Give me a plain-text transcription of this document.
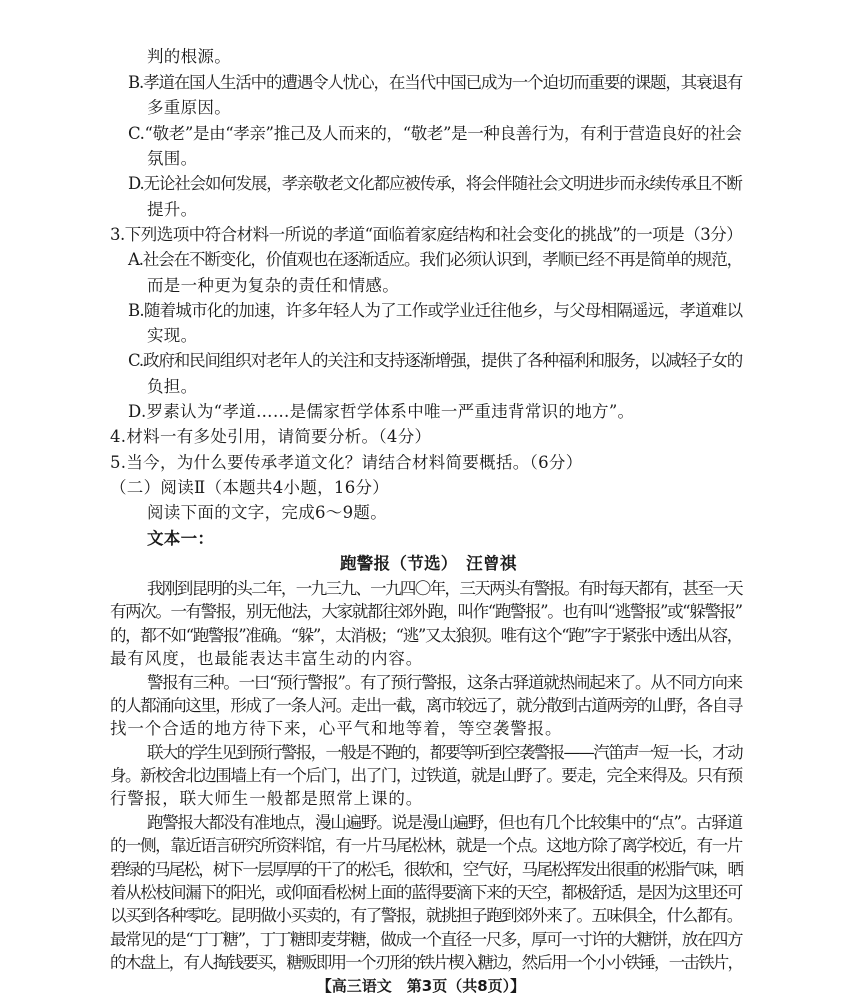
判的根源。
B.孝道在国人生活中的遭遇令人忧心，在当代中国已成为一个迫切而重要的课题，其衰退有
多重原因。
C.“敬老”是由“孝亲”推己及人而来的，“敬老”是一种良善行为，有利于营造良好的社会
氛围。
D.无论社会如何发展，孝亲敬老文化都应被传承，将会伴随社会文明进步而永续传承且不断
提升。
3.下列选项中符合材料一所说的孝道“面临着家庭结构和社会变化的挑战”的一项是（3分）
A.社会在不断变化，价值观也在逐渐适应。我们必须认识到，孝顺已经不再是简单的规范，
而是一种更为复杂的责任和情感。
B.随着城市化的加速，许多年轻人为了工作或学业迁往他乡，与父母相隔遥远，孝道难以
实现。
C.政府和民间组织对老年人的关注和支持逐渐增强，提供了各种福利和服务，以减轻子女的
负担。
D.罗素认为“孝道……是儒家哲学体系中唯一严重违背常识的地方”。
4.材料一有多处引用，请简要分析。（4分）
5.当今，为什么要传承孝道文化？请结合材料简要概括。（6分）
（二）阅读Ⅱ（本题共4小题，16分）
阅读下面的文字，完成6～9题。
文本一：
跑警报（节选）　汪曾祺
我刚到昆明的头二年，一九三九、一九四〇年，三天两头有警报。有时每天都有，甚至一天
有两次。一有警报，别无他法，大家就都往郊外跑，叫作“跑警报”。也有叫“逃警报”或“躲警报”
的，都不如“跑警报”准确。“躲”，太消极；“逃”又太狼狈。唯有这个“跑”字于紧张中透出从容，
最有风度，也最能表达丰富生动的内容。
警报有三种。一曰“预行警报”。有了预行警报，这条古驿道就热闹起来了。从不同方向来
的人都涌向这里，形成了一条人河。走出一截，离市较远了，就分散到古道两旁的山野，各自寻
找一个合适的地方待下来，心平气和地等着，等空袭警报。
联大的学生见到预行警报，一般是不跑的，都要等听到空袭警报——汽笛声一短一长，才动
身。新校舍北边围墙上有一个后门，出了门，过铁道，就是山野了。要走，完全来得及。只有预
行警报，联大师生一般都是照常上课的。
跑警报大都没有准地点，漫山遍野。说是漫山遍野，但也有几个比较集中的“点”。古驿道
的一侧，靠近语言研究所资料馆，有一片马尾松林，就是一个点。这地方除了离学校近，有一片
碧绿的马尾松，树下一层厚厚的干了的松毛，很软和，空气好，马尾松挥发出很重的松脂气味，晒
着从松枝间漏下的阳光，或仰面看松树上面的蓝得要滴下来的天空，都极舒适，是因为这里还可
以买到各种零吃。昆明做小买卖的，有了警报，就挑担子跑到郊外来了。五味俱全，什么都有。
最常见的是“丁丁糖”，丁丁糖即麦芽糖，做成一个直径一尺多，厚可一寸许的大糖饼，放在四方
的木盘上，有人掏钱要买，糖贩即用一个刃形的铁片楔入糖边，然后用一个小小铁锤，一击铁片，
【高三语文　第3页（共8页）】
